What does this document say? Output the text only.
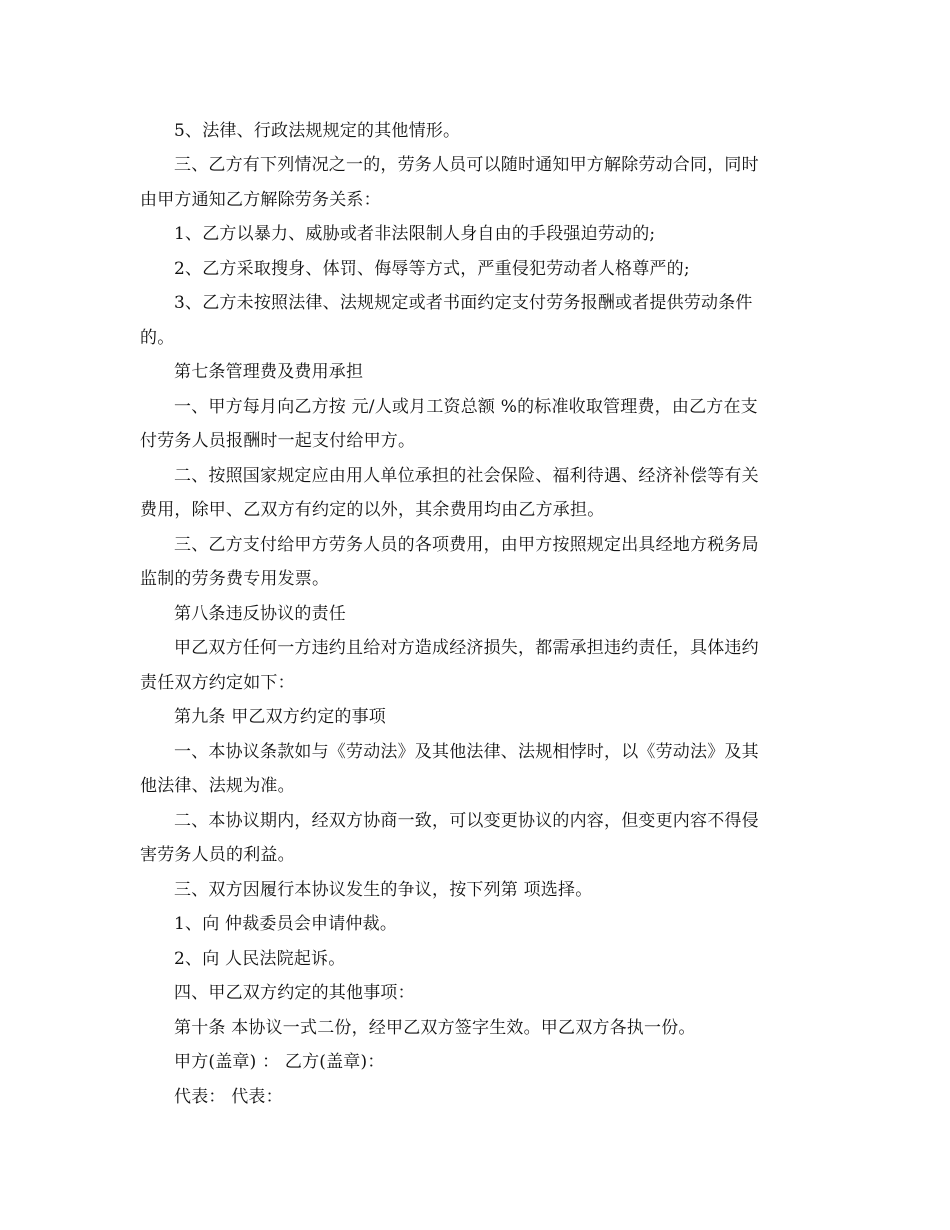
5、法律、行政法规规定的其他情形。
三、乙方有下列情况之一的，劳务人员可以随时通知甲方解除劳动合同，同时
由甲方通知乙方解除劳务关系：
1、乙方以暴力、威胁或者非法限制人身自由的手段强迫劳动的;
2、乙方采取搜身、体罚、侮辱等方式，严重侵犯劳动者人格尊严的;
3、乙方未按照法律、法规规定或者书面约定支付劳务报酬或者提供劳动条件
的。
第七条管理费及费用承担
一、甲方每月向乙方按 元/人或月工资总额 %的标准收取管理费，由乙方在支
付劳务人员报酬时一起支付给甲方。
二、按照国家规定应由用人单位承担的社会保险、福利待遇、经济补偿等有关
费用，除甲、乙双方有约定的以外，其余费用均由乙方承担。
三、乙方支付给甲方劳务人员的各项费用，由甲方按照规定出具经地方税务局
监制的劳务费专用发票。
第八条违反协议的责任
甲乙双方任何一方违约且给对方造成经济损失，都需承担违约责任，具体违约
责任双方约定如下：
第九条 甲乙双方约定的事项
一、本协议条款如与《劳动法》及其他法律、法规相悖时，以《劳动法》及其
他法律、法规为准。
二、本协议期内，经双方协商一致，可以变更协议的内容，但变更内容不得侵
害劳务人员的利益。
三、双方因履行本协议发生的争议，按下列第 项选择。
1、向 仲裁委员会申请仲裁。
2、向 人民法院起诉。
四、甲乙双方约定的其他事项：
第十条 本协议一式二份，经甲乙双方签字生效。甲乙双方各执一份。
甲方(盖章) ： 乙方(盖章)：
代表： 代表：
